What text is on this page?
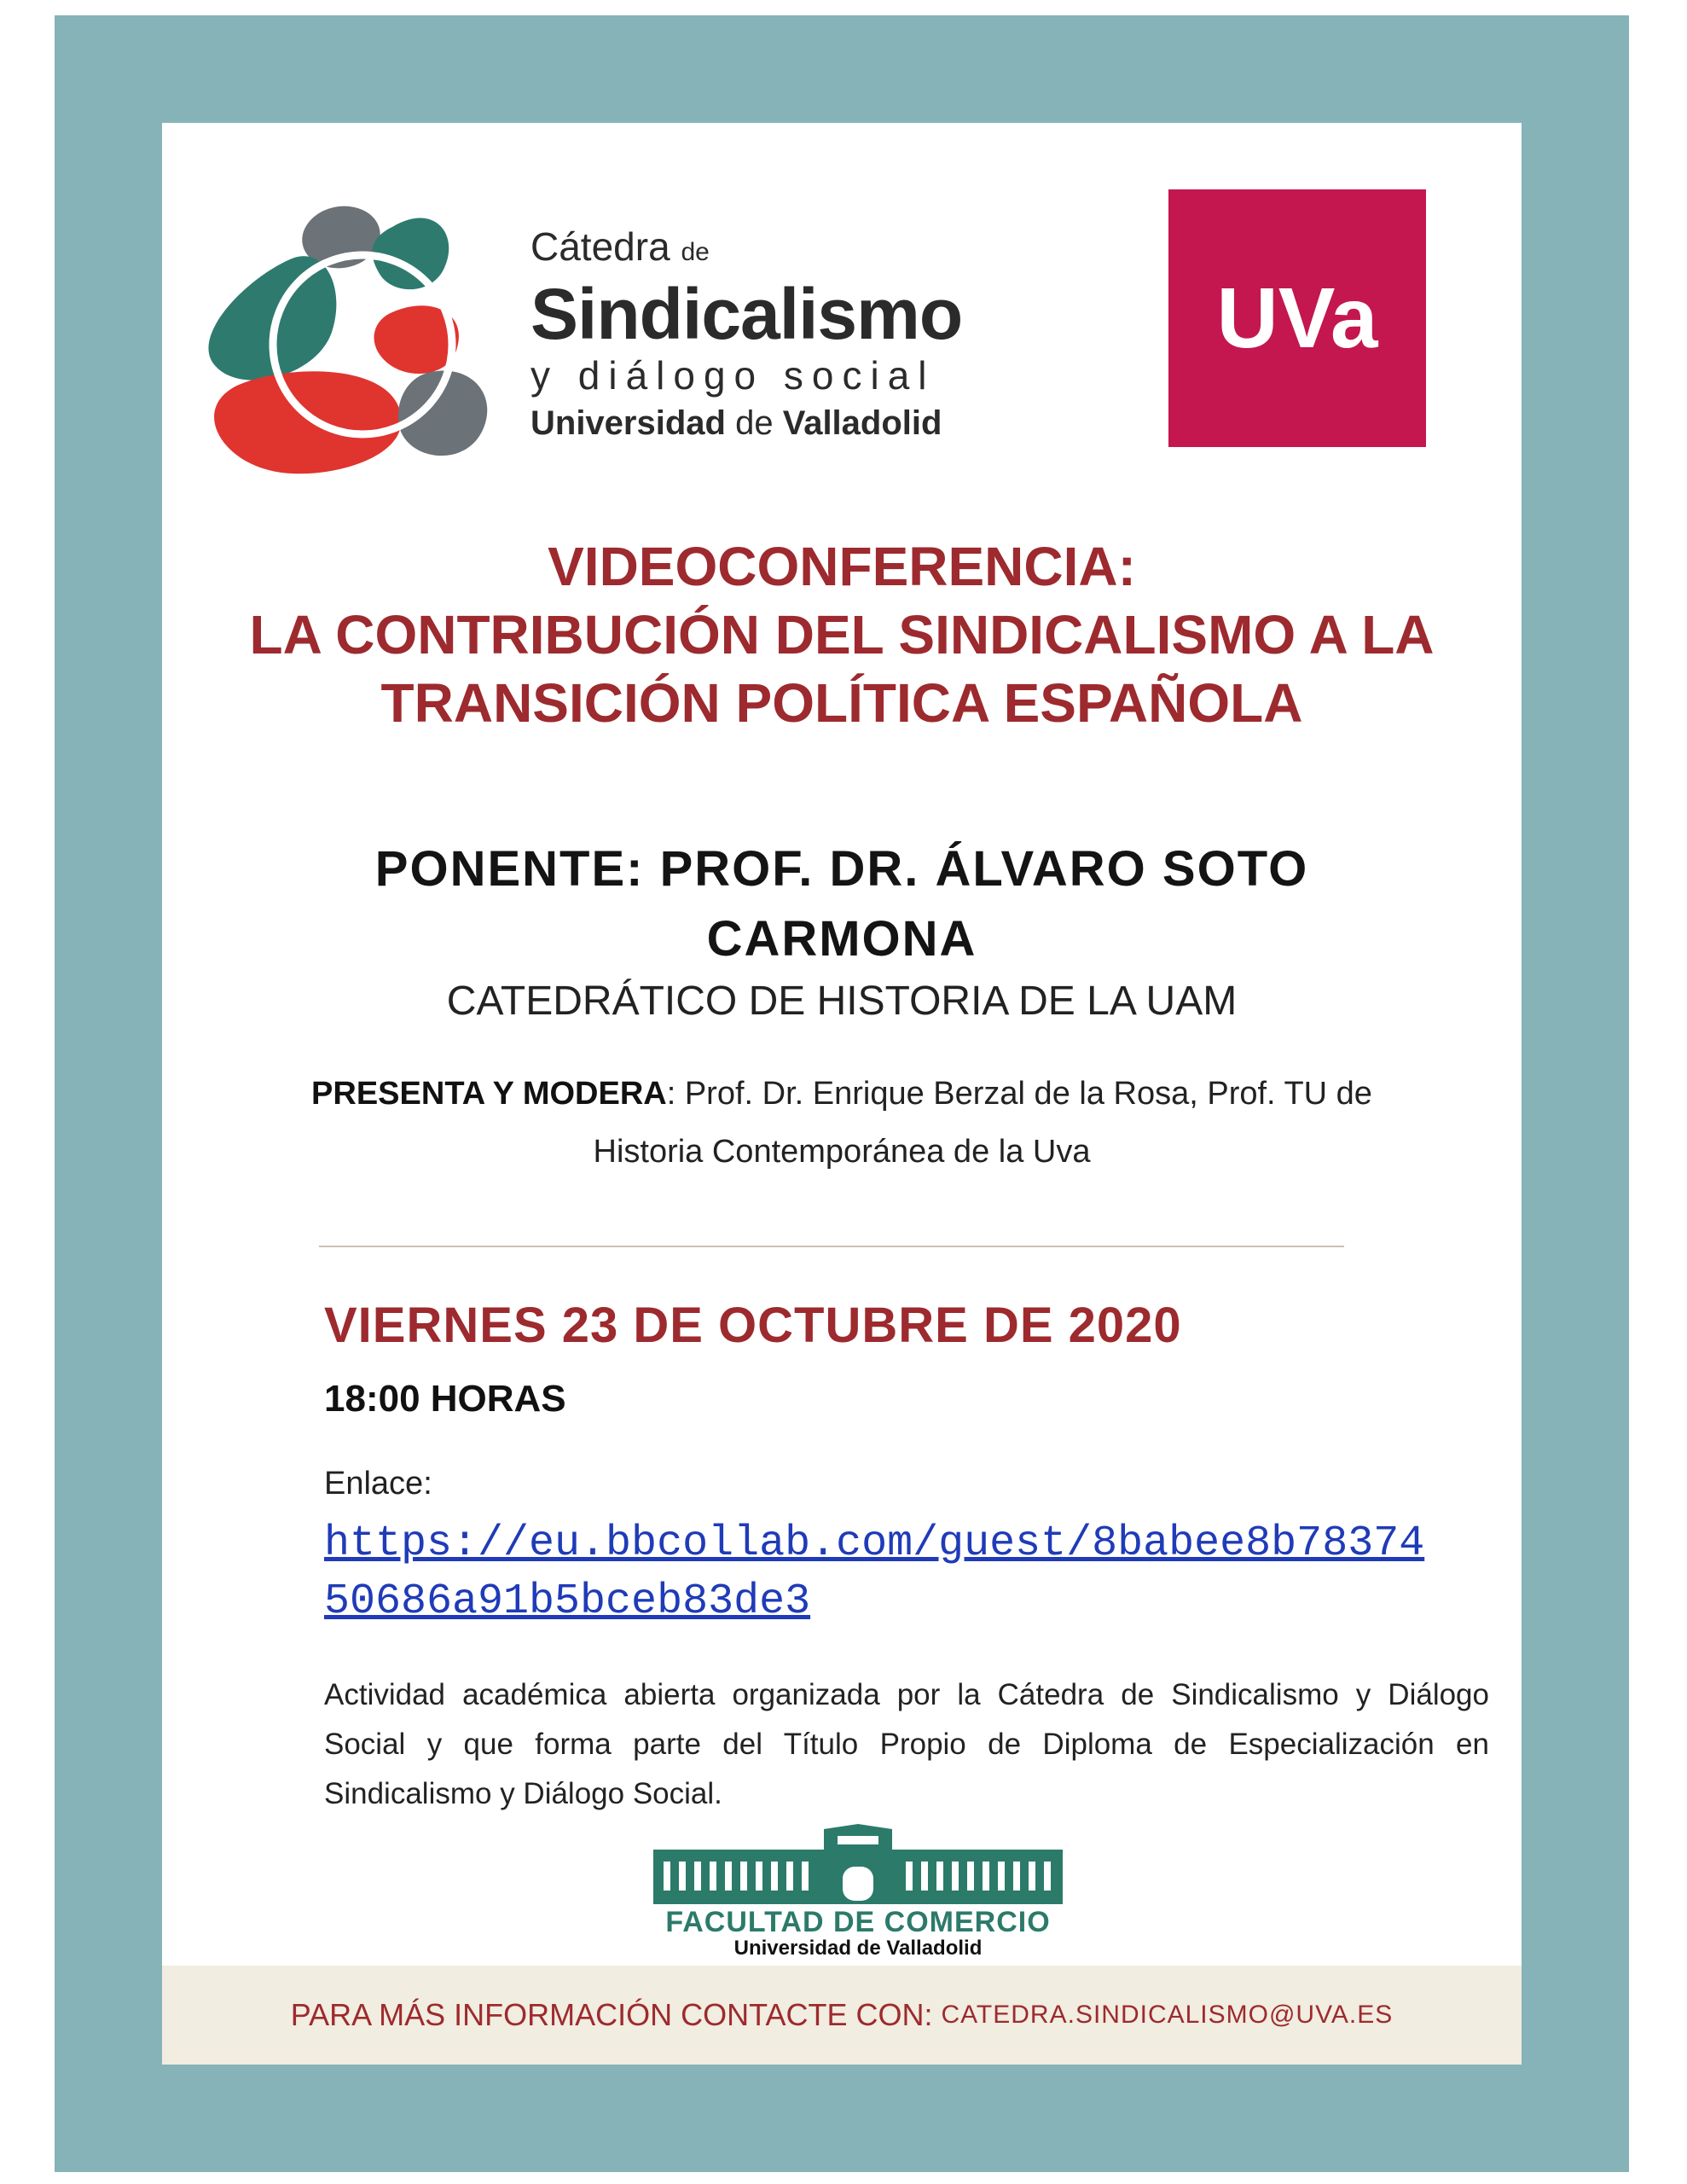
Cátedra de
Sindicalismo
y diálogo social
Universidad de Valladolid
UVa
VIDEOCONFERENCIA:
LA CONTRIBUCIÓN DEL SINDICALISMO A LA
TRANSICIÓN POLÍTICA ESPAÑOLA
PONENTE: PROF. DR. ÁLVARO SOTO
CARMONA
CATEDRÁTICO DE HISTORIA DE LA UAM
PRESENTA Y MODERA: Prof. Dr. Enrique Berzal de la Rosa, Prof. TU de
Historia Contemporánea de la Uva
VIERNES 23 DE OCTUBRE DE 2020
18:00 HORAS
Enlace:
https://eu.bbcollab.com/guest/8babee8b78374
50686a91b5bceb83de3
Actividad académica abierta organizada por la Cátedra de Sindicalismo y Diálogo Social y que forma parte del Título Propio de Diploma de Especialización en Sindicalismo y Diálogo Social.
FACULTAD DE COMERCIO
Universidad de Valladolid
PARA MÁS INFORMACIÓN CONTACTE CON:
CATEDRA.SINDICALISMO@UVA.ES
